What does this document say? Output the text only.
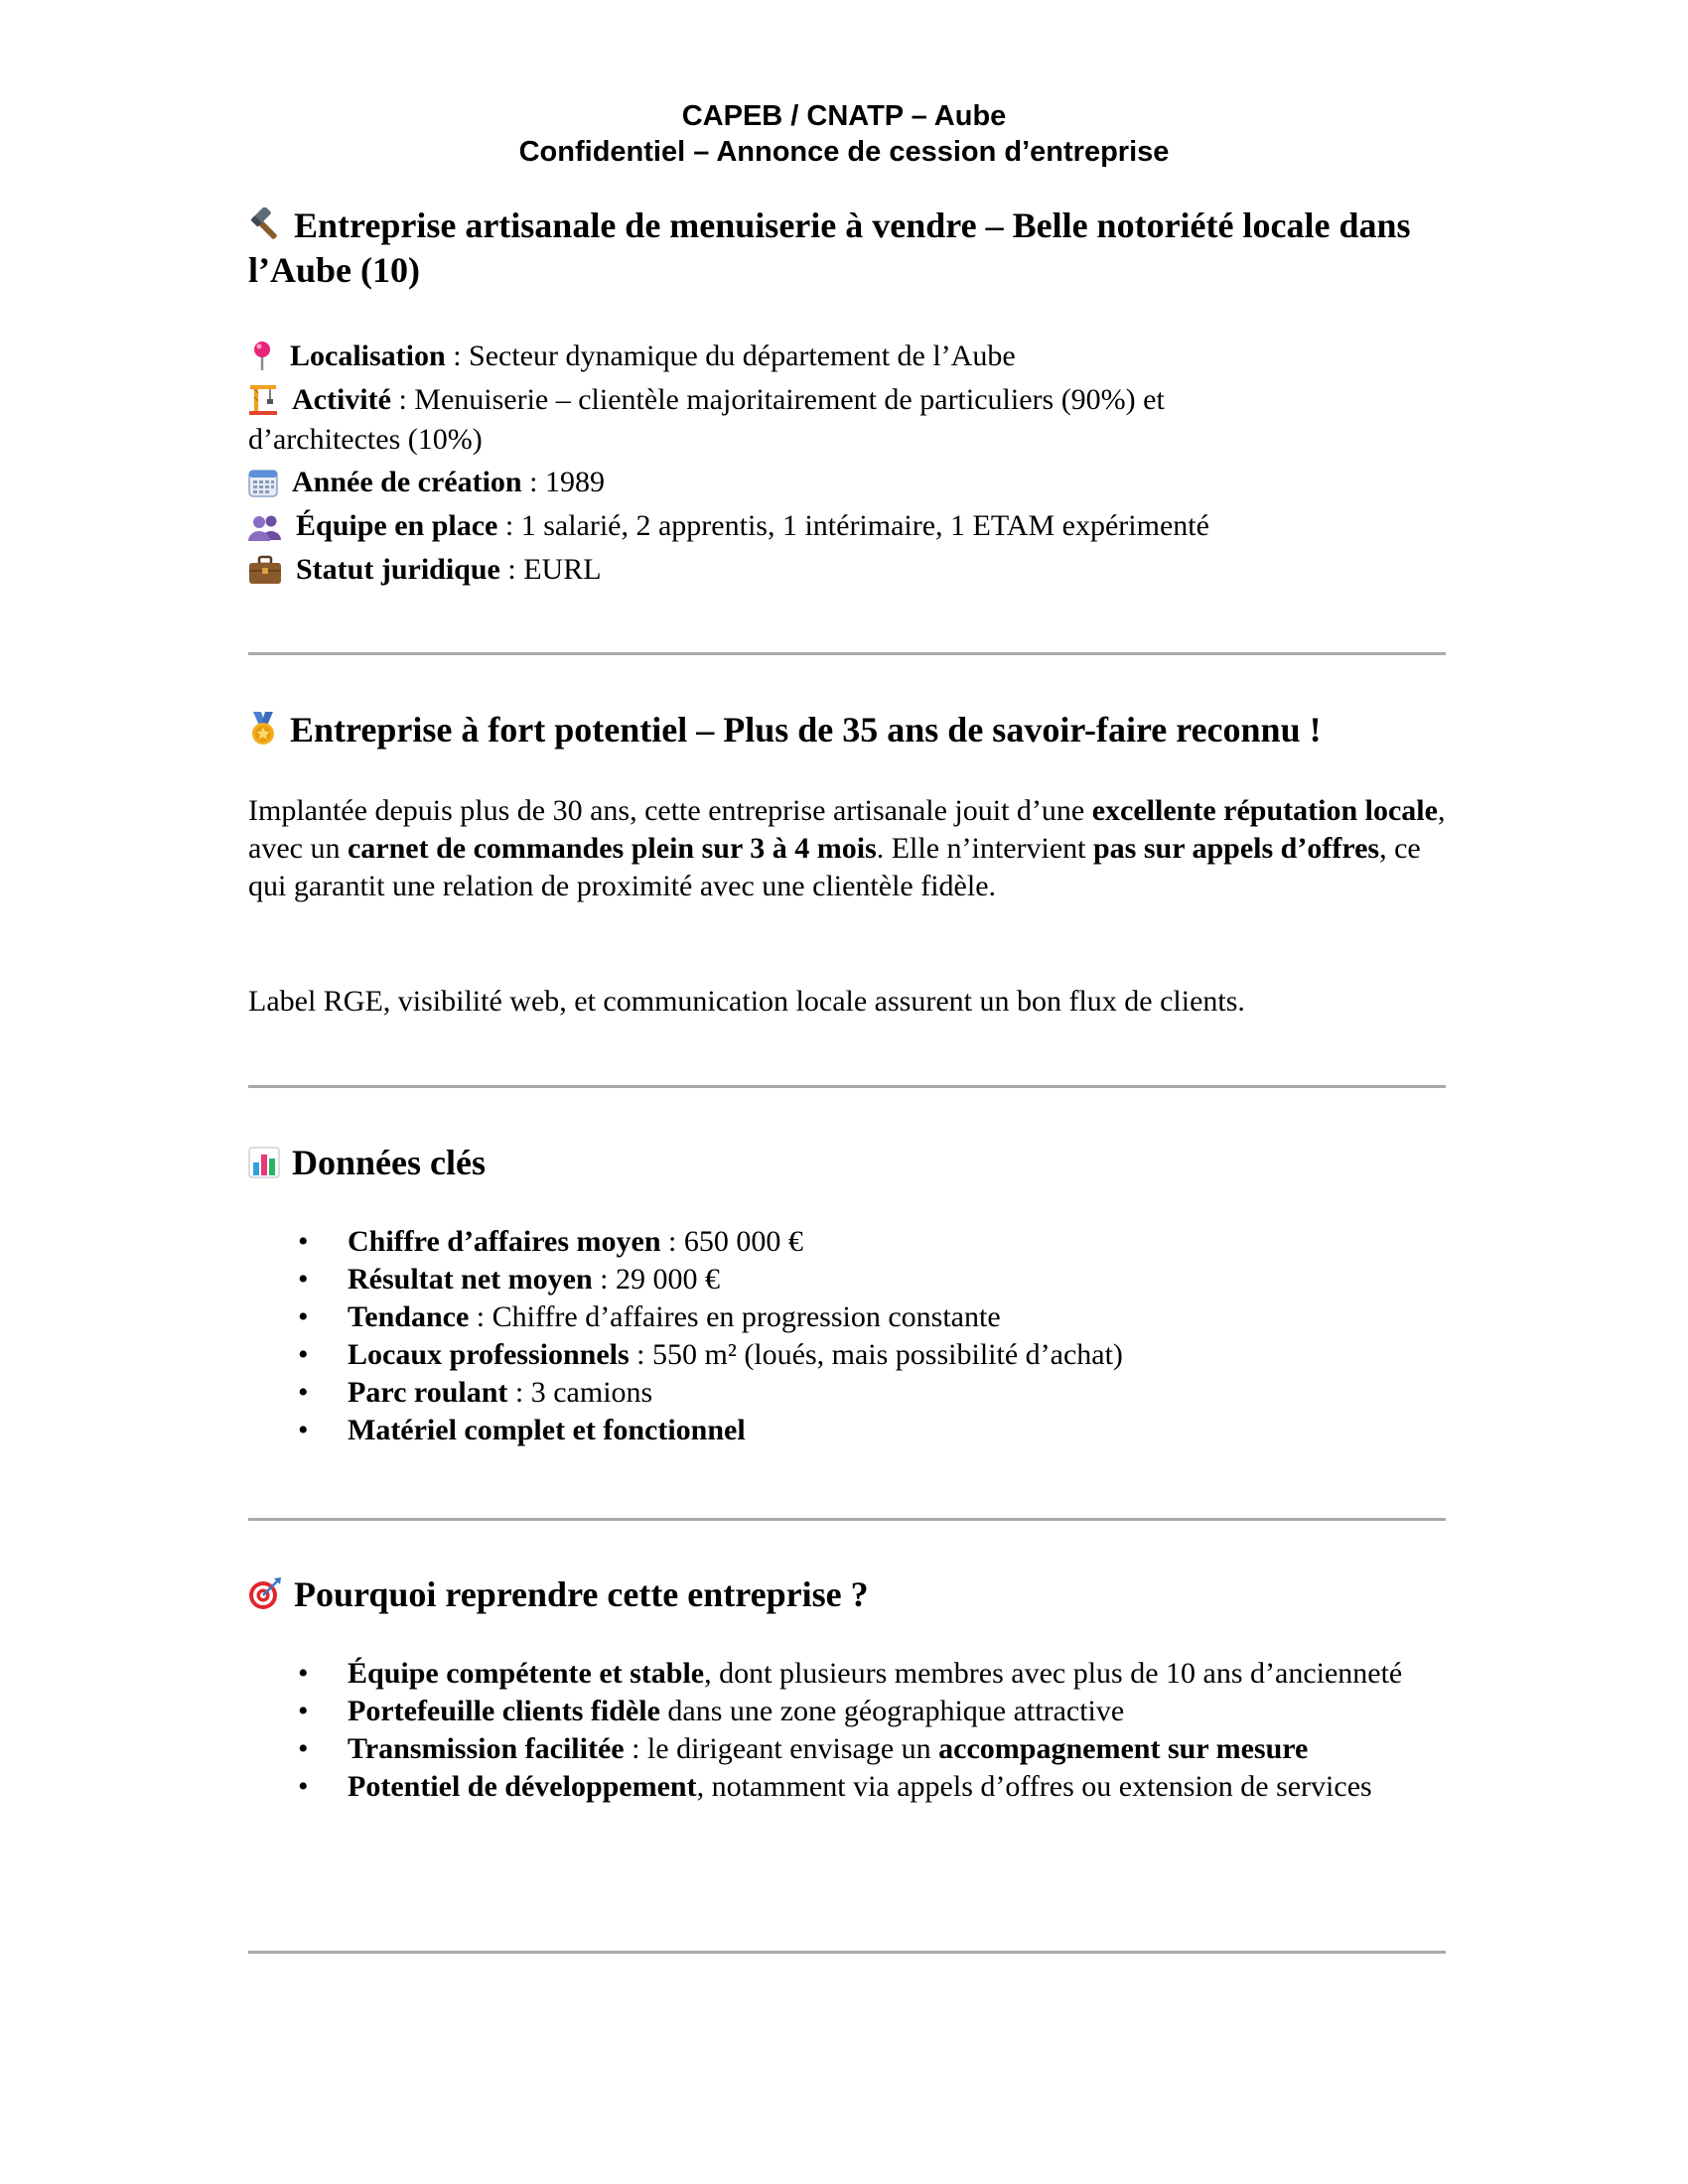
CAPEB / CNATP – Aube
Confidentiel – Annonce de cession d’entreprise
Entreprise artisanale de menuiserie à vendre – Belle notoriété locale dans l’Aube (10)
Localisation : Secteur dynamique du département de l’Aube
Activité : Menuiserie – clientèle majoritairement de particuliers (90%) et
d’architectes (10%)
Année de création : 1989
Équipe en place : 1 salarié, 2 apprentis, 1 intérimaire, 1 ETAM expérimenté
Statut juridique : EURL
Entreprise à fort potentiel – Plus de 35 ans de savoir-faire reconnu !

Implantée depuis plus de 30 ans, cette entreprise artisanale jouit d’une excellente réputation locale, avec un carnet de commandes plein sur 3 à 4 mois. Elle n’intervient pas sur appels d’offres, ce qui garantit une relation de proximité avec une clientèle fidèle.

Label RGE, visibilité web, et communication locale assurent un bon flux de clients.
Données clés
• Chiffre d’affaires moyen : 650 000 €
• Résultat net moyen : 29 000 €
• Tendance : Chiffre d’affaires en progression constante
• Locaux professionnels : 550 m² (loués, mais possibilité d’achat)
• Parc roulant : 3 camions
• Matériel complet et fonctionnel
Pourquoi reprendre cette entreprise ?
• Équipe compétente et stable, dont plusieurs membres avec plus de 10 ans d’ancienneté
• Portefeuille clients fidèle dans une zone géographique attractive
• Transmission facilitée : le dirigeant envisage un accompagnement sur mesure
• Potentiel de développement, notamment via appels d’offres ou extension de services
